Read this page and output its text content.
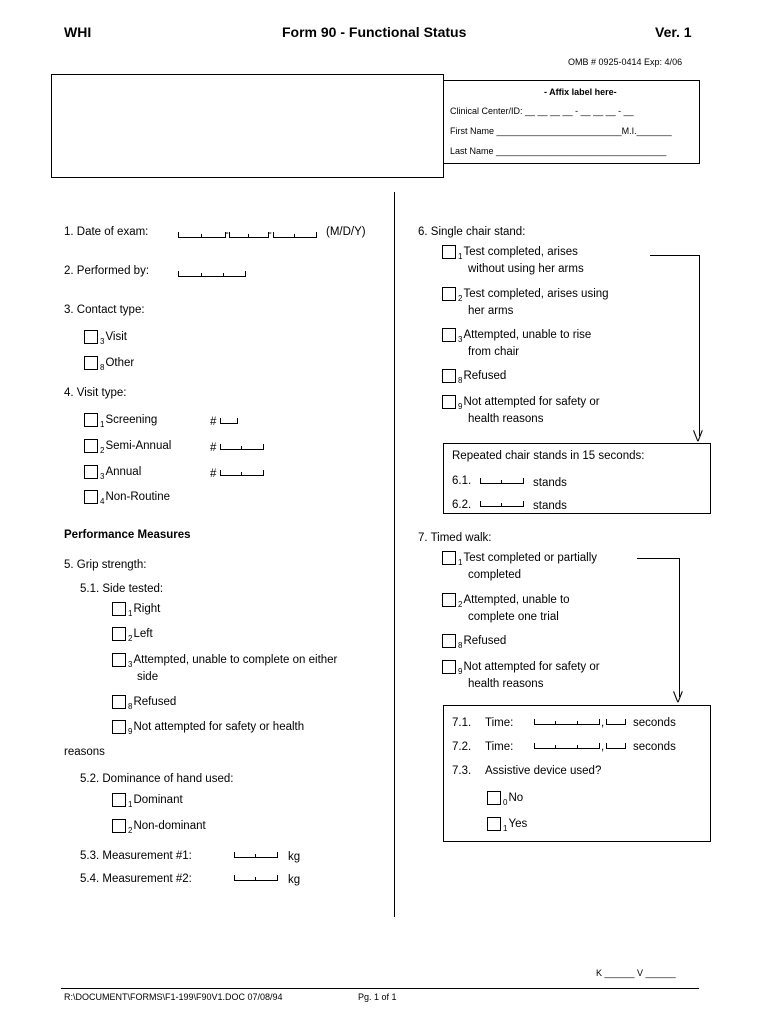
WHI	Form 90 - Functional Status	Ver. 1
OMB # 0925-0414 Exp: 4/06
- Affix label here-
Clinical Center/ID: __ __ __ __ - __ __ __ - __
First Name _________________________M.I._______
Last Name __________________________________
1. Date of exam:	-	-	(M/D/Y)
2. Performed by:
3. Contact type:
$_3$Visit
$_8$Other
4. Visit type:
$_1$Screening	#
$_2$Semi-Annual	#
$_3$Annual	#
$_4$Non-Routine
Performance Measures
5. Grip strength:
5.1. Side tested:
$_1$Right
$_2$Left
$_3$Attempted, unable to complete on either
side
$_8$Refused
$_9$Not attempted for safety or health
reasons
5.2. Dominance of hand used:
$_1$Dominant
$_2$Non-dominant
5.3. Measurement #1:	kg
5.4. Measurement #2:	kg
6. Single chair stand:
$_1$Test completed, arises
without using her arms
$_2$Test completed, arises using
her arms
$_3$Attempted, unable to rise
from chair
$_8$Refused
$_9$Not attempted for safety or
health reasons
⋁
Repeated chair stands in 15 seconds:
6.1.	stands
6.2.	stands
7. Timed walk:
$_1$Test completed or partially
completed
$_2$Attempted, unable to
complete one trial
$_8$Refused
$_9$Not attempted for safety or
health reasons
⋁
7.1. Time:	,	seconds
7.2. Time:	,	seconds
7.3. Assistive device used?
$_0$No
$_1$Yes
K ______ V ______
R:\DOCUMENT\FORMS\F1-199\F90V1.DOC 07/08/94	Pg. 1 of 1
